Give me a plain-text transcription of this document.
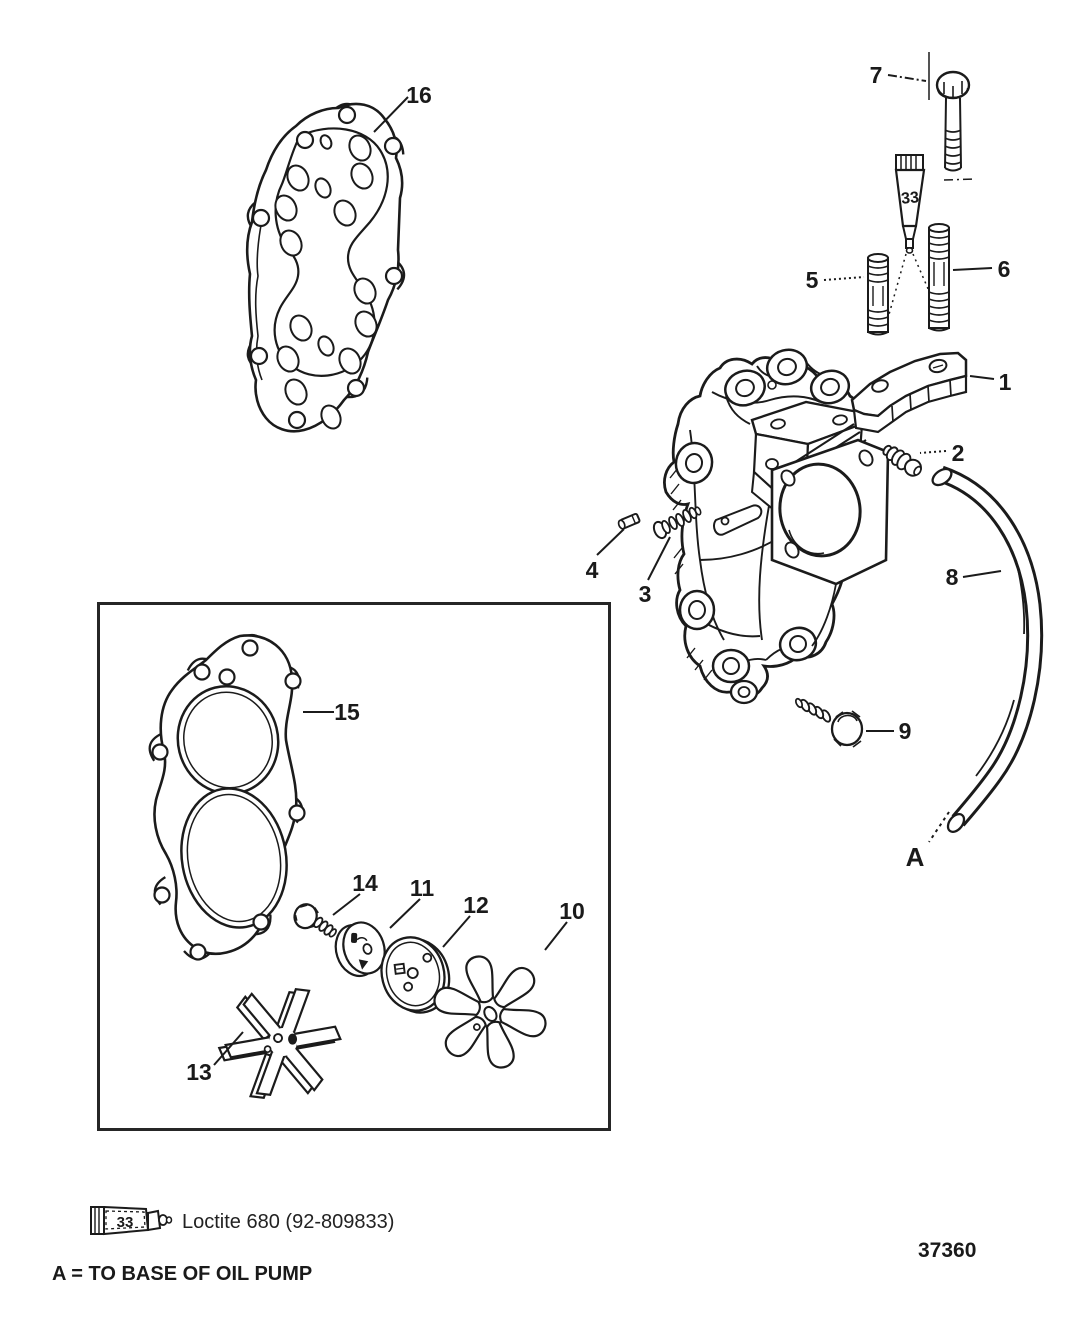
33
1
2
3
4
5	6
7
8
9
10
11
12
13
14
15
16
A
33 Loctite 680 (92-809833)
37360
A = TO BASE OF OIL PUMP
